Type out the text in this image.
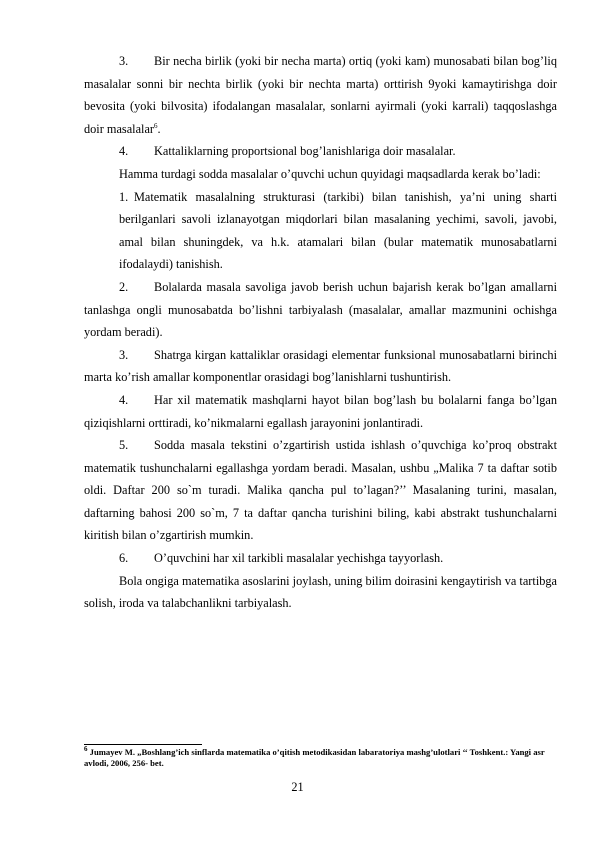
3. Bir necha birlik (yoki bir necha marta) ortiq (yoki kam) munosabati bilan bog’liq masalalar sonni bir nechta birlik (yoki bir nechta marta) orttirish 9yoki kamaytirishga doir bevosita (yoki bilvosita) ifodalangan masalalar, sonlarni ayirmali (yoki karrali) taqqoslashga doir masalalar$^6$.

4. Kattaliklarning proportsional bog’lanishlariga doir masalalar.

Hamma turdagi sodda masalalar o’quvchi uchun quyidagi maqsadlarda kerak bo’ladi:

1. Matematik masalalning strukturasi (tarkibi) bilan tanishish, ya’ni uning sharti berilganlari savoli izlanayotgan miqdorlari bilan masalaning yechimi, savoli, javobi, amal bilan shuningdek, va h.k. atamalari bilan (bular matematik munosabatlarni ifodalaydi) tanishish.

2. Bolalarda masala savoliga javob berish uchun bajarish kerak bo’lgan amallarni tanlashga ongli munosabatda bo’lishni tarbiyalash (masalalar, amallar mazmunini ochishga yordam beradi).

3. Shatrga kirgan kattaliklar orasidagi elementar funksional munosabatlarni birinchi marta ko’rish amallar komponentlar orasidagi bog’lanishlarni tushuntirish.

4. Har xil matematik mashqlarni hayot bilan bog’lash bu bolalarni fanga bo’lgan qiziqishlarni orttiradi, ko’nikmalarni egallash jarayonini jonlantiradi.

5. Sodda masala tekstini o’zgartirish ustida ishlash o’quvchiga ko’proq obstrakt matematik tushunchalarni egallashga yordam beradi. Masalan, ushbu „Malika 7 ta daftar sotib oldi. Daftar 200 so`m turadi. Malika qancha pul to’lagan?’’ Masalaning turini, masalan, daftarning bahosi 200 so`m, 7 ta daftar qancha turishini biling, kabi abstrakt tushunchalarni kiritish bilan o’zgartirish mumkin.

6. O’quvchini har xil tarkibli masalalar yechishga tayyorlash.

Bola ongiga matematika asoslarini joylash, uning bilim doirasini kengaytirish va tartibga solish, iroda va talabchanlikni tarbiyalash.

$^6$ Jumayev M. „Boshlang’ich sinflarda matematika o’qitish metodikasidan labaratoriya mashg’ulotlari ‘‘ Toshkent.: Yangi asr avlodi, 2006, 256- bet.
21
